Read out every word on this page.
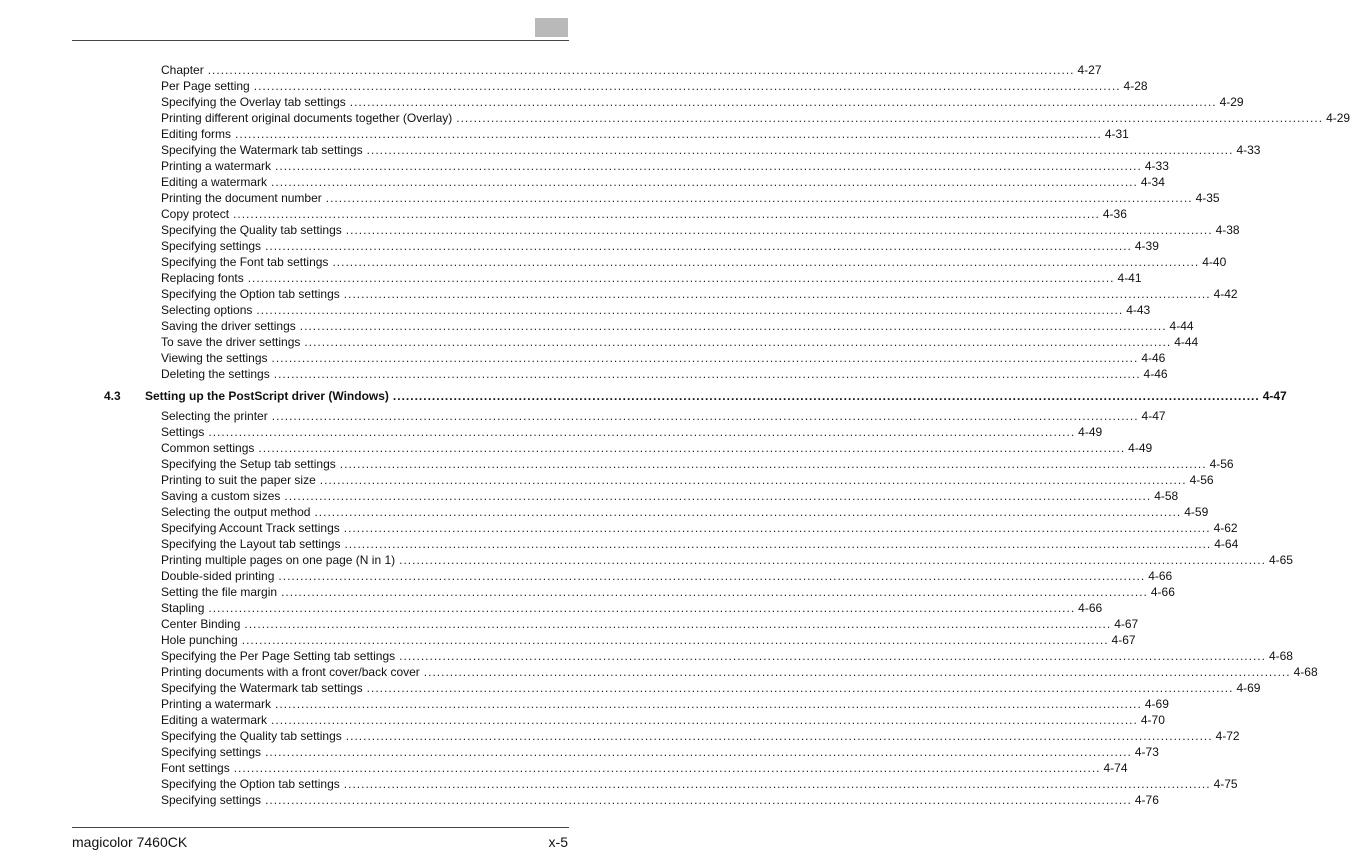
Chapter ........................................................................................................................................................................................................ 4-27
Per Page setting ........................................................................................................................................................................................................ 4-28
Specifying the Overlay tab settings ........................................................................................................................................................................................................ 4-29
Printing different original documents together (Overlay) ........................................................................................................................................................................................................ 4-29
Editing forms ........................................................................................................................................................................................................ 4-31
Specifying the Watermark tab settings ........................................................................................................................................................................................................ 4-33
Printing a watermark ........................................................................................................................................................................................................ 4-33
Editing a watermark ........................................................................................................................................................................................................ 4-34
Printing the document number ........................................................................................................................................................................................................ 4-35
Copy protect ........................................................................................................................................................................................................ 4-36
Specifying the Quality tab settings ........................................................................................................................................................................................................ 4-38
Specifying settings ........................................................................................................................................................................................................ 4-39
Specifying the Font tab settings ........................................................................................................................................................................................................ 4-40
Replacing fonts ........................................................................................................................................................................................................ 4-41
Specifying the Option tab settings ........................................................................................................................................................................................................ 4-42
Selecting options ........................................................................................................................................................................................................ 4-43
Saving the driver settings ........................................................................................................................................................................................................ 4-44
To save the driver settings ........................................................................................................................................................................................................ 4-44
Viewing the settings ........................................................................................................................................................................................................ 4-46
Deleting the settings ........................................................................................................................................................................................................ 4-46
4.3 Setting up the PostScript driver (Windows) ........................................................................................................................................................................................................ 4-47
Selecting the printer ........................................................................................................................................................................................................ 4-47
Settings ........................................................................................................................................................................................................ 4-49
Common settings ........................................................................................................................................................................................................ 4-49
Specifying the Setup tab settings ........................................................................................................................................................................................................ 4-56
Printing to suit the paper size ........................................................................................................................................................................................................ 4-56
Saving a custom sizes ........................................................................................................................................................................................................ 4-58
Selecting the output method ........................................................................................................................................................................................................ 4-59
Specifying Account Track settings ........................................................................................................................................................................................................ 4-62
Specifying the Layout tab settings ........................................................................................................................................................................................................ 4-64
Printing multiple pages on one page (N in 1) ........................................................................................................................................................................................................ 4-65
Double-sided printing ........................................................................................................................................................................................................ 4-66
Setting the file margin ........................................................................................................................................................................................................ 4-66
Stapling ........................................................................................................................................................................................................ 4-66
Center Binding ........................................................................................................................................................................................................ 4-67
Hole punching ........................................................................................................................................................................................................ 4-67
Specifying the Per Page Setting tab settings ........................................................................................................................................................................................................ 4-68
Printing documents with a front cover/back cover ........................................................................................................................................................................................................ 4-68
Specifying the Watermark tab settings ........................................................................................................................................................................................................ 4-69
Printing a watermark ........................................................................................................................................................................................................ 4-69
Editing a watermark ........................................................................................................................................................................................................ 4-70
Specifying the Quality tab settings ........................................................................................................................................................................................................ 4-72
Specifying settings ........................................................................................................................................................................................................ 4-73
Font settings ........................................................................................................................................................................................................ 4-74
Specifying the Option tab settings ........................................................................................................................................................................................................ 4-75
Specifying settings ........................................................................................................................................................................................................ 4-76
magicolor 7460CK	x-5
